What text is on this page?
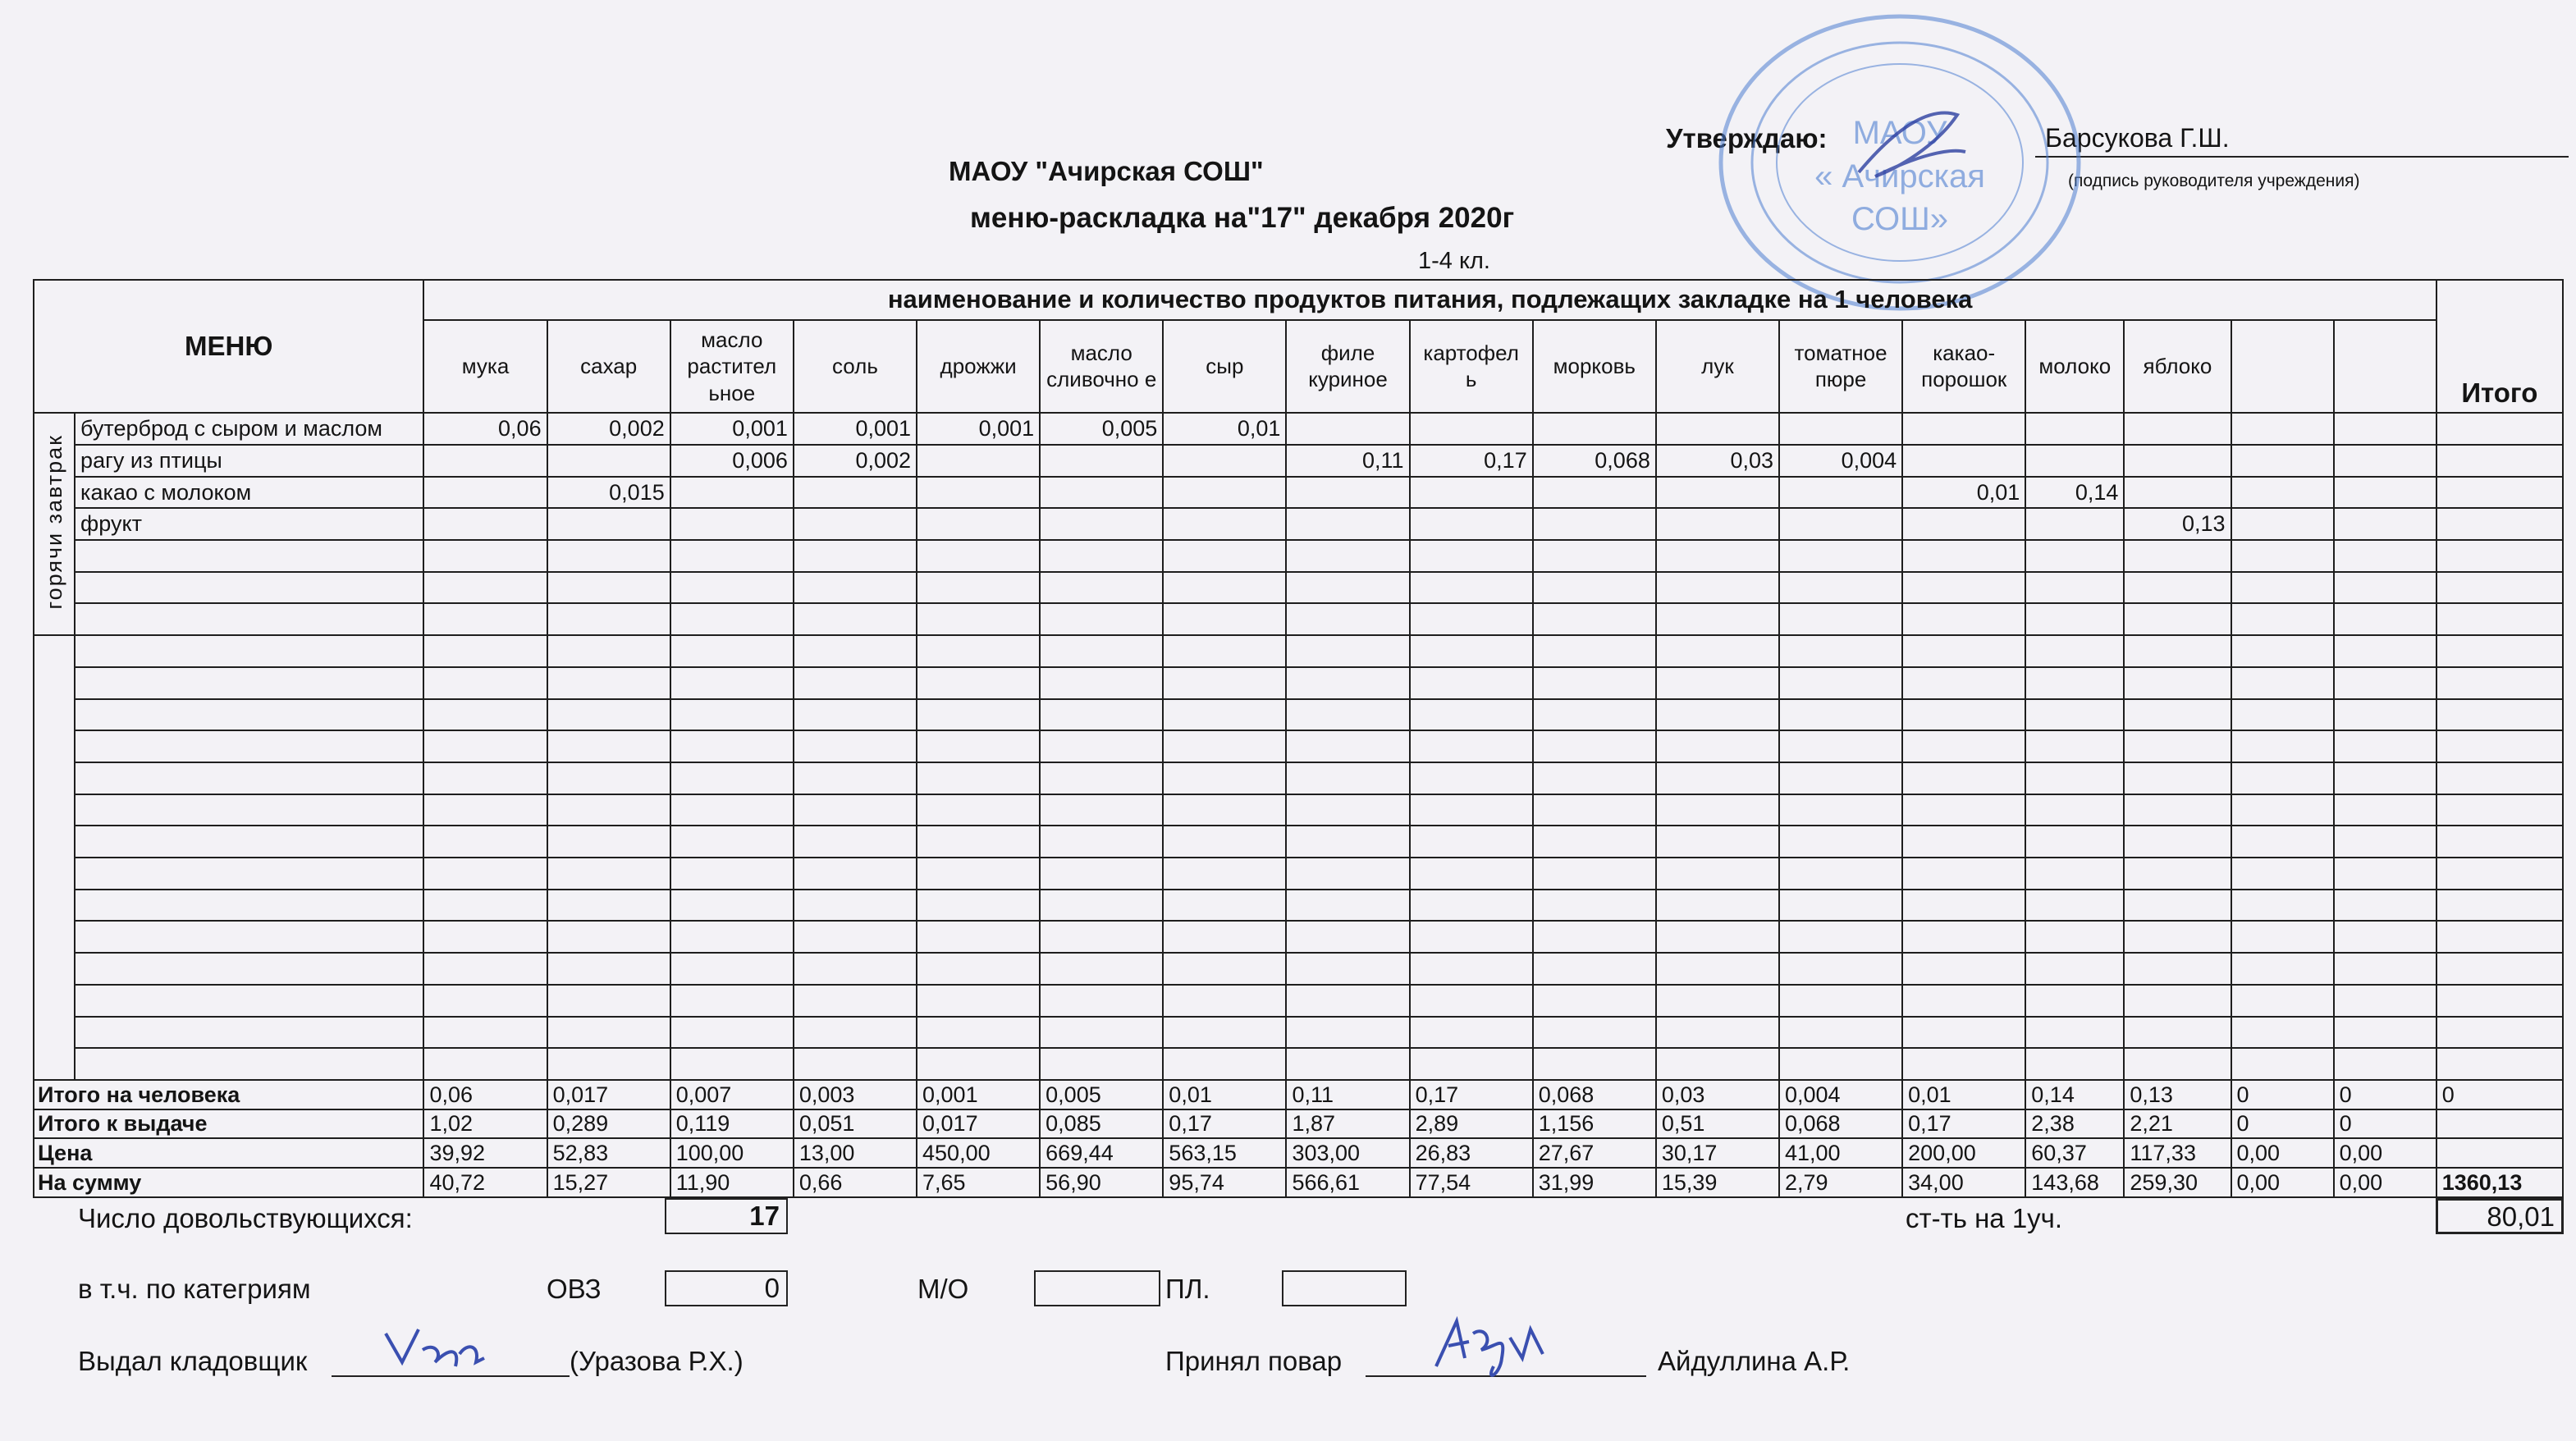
Утверждаю:	Барсукова Г.Ш.
(подпись руководителя учреждения)
МАОУ "Ачирская СОШ"
меню-раскладка на"17" декабря 2020г
1-4 кл.
МАОУ
« Ачирская
СОШ»
МЕНЮ		наименование и количество продуктов питания, подлежащих закладке на 1 человека																	Итого
		мука	сахар	масло растител ьное	соль	дрожжи	масло сливочно е	сыр	филе куриное	картофел ь	морковь	лук	томатное пюре	какао- порошок	молоко	яблоко			
горячи завтрак	бутерброд с сыром и маслом	0,06	0,002	0,001	0,001	0,001	0,005	0,01											
	рагу из птицы			0,006	0,002				0,11	0,17	0,068	0,03	0,004						
	какао с молоком		0,015											0,01	0,14				
	фрукт															0,13			

Итого на человека		0,06	0,017	0,007	0,003	0,001	0,005	0,01	0,11	0,17	0,068	0,03	0,004	0,01	0,14	0,13	0	0	0
Итого к выдаче		1,02	0,289	0,119	0,051	0,017	0,085	0,17	1,87	2,89	1,156	0,51	0,068	0,17	2,38	2,21	0	0	
Цена		39,92	52,83	100,00	13,00	450,00	669,44	563,15	303,00	26,83	27,67	30,17	41,00	200,00	60,37	117,33	0,00	0,00	
На сумму		40,72	15,27	11,90	0,66	7,65	56,90	95,74	566,61	77,54	31,99	15,39	2,79	34,00	143,68	259,30	0,00	0,00	1360,13
Число довольствующихся:	17	ст-ть на 1уч.	80,01
в т.ч. по категриям	ОВЗ	0	М/О	ПЛ.
Выдал кладовщик	(Уразова Р.Х.)	Принял повар	Айдуллина А.Р.
